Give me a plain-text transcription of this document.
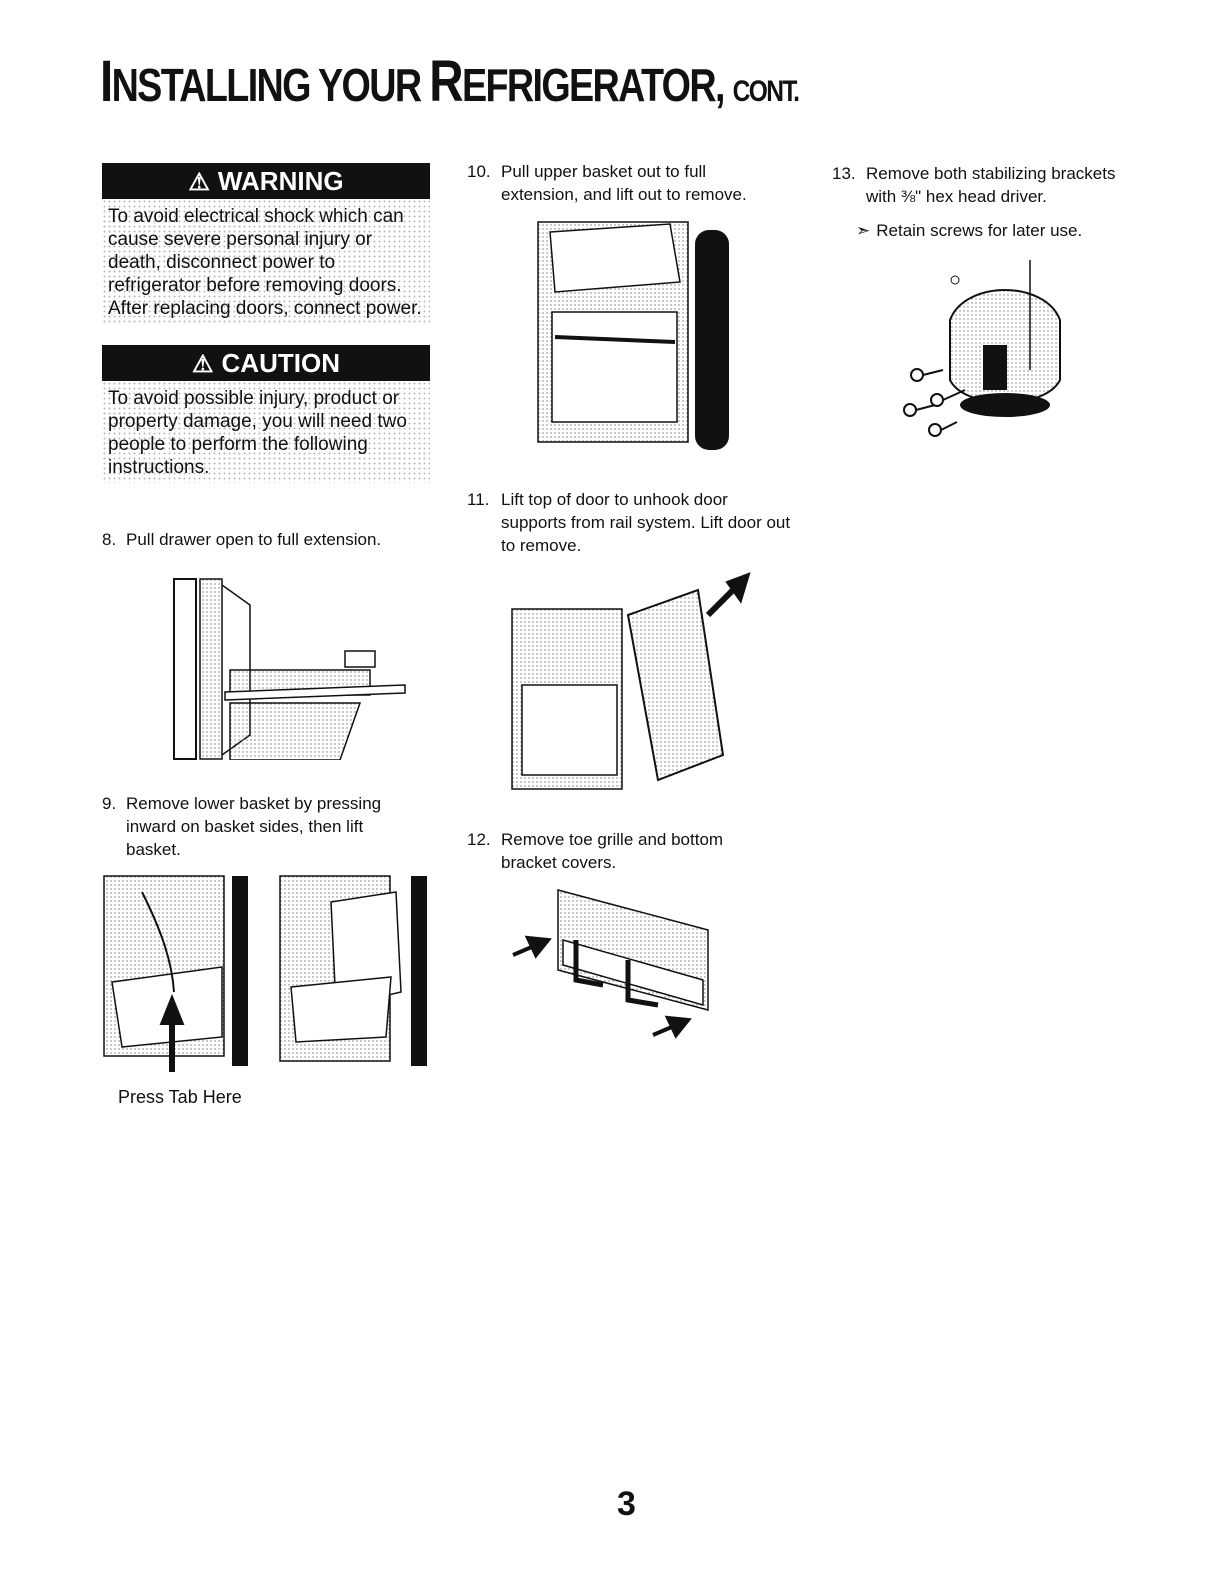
INSTALLING YOUR REFRIGERATOR, CONT.
⚠ WARNING
To avoid electrical shock which can cause severe personal injury or death, disconnect power to refrigerator before removing doors. After replacing doors, connect power.
⚠ CAUTION
To avoid possible injury, product or property damage, you will need two people to perform the following instructions.
8. Pull drawer open to full extension.
9. Remove lower basket by pressing
inward on basket sides, then lift basket.
Press Tab Here
10. Pull upper basket out to full
extension, and lift out to remove.
11. Lift top of door to unhook door
supports from rail system. Lift door out to remove.
12. Remove toe grille and bottom
bracket covers.
13. Remove both stabilizing brackets
with ⅜" hex head driver.
➣ Retain screws for later use.
3
